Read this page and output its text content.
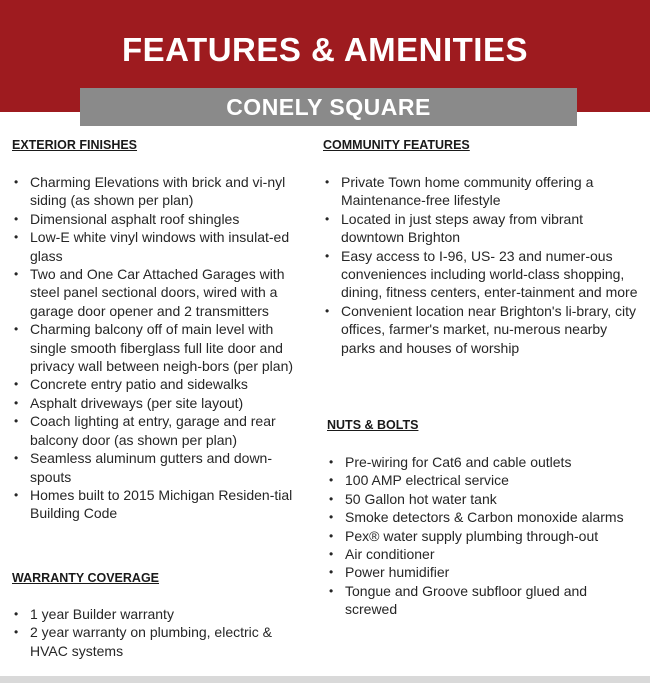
FEATURES & AMENITIES
CONELY SQUARE
EXTERIOR FINISHES
• Charming Elevations with brick and vi-nyl siding (as shown per plan)
• Dimensional asphalt roof shingles
• Low-E white vinyl windows with insulat-ed glass
• Two and One Car Attached Garages with steel panel sectional doors, wired with a garage door opener and 2 transmitters
• Charming balcony off of main level with single smooth fiberglass full lite door and privacy wall between neigh-bors (per plan)
• Concrete entry patio and sidewalks
• Asphalt driveways (per site layout)
• Coach lighting at entry, garage and rear balcony door (as shown per plan)
• Seamless aluminum gutters and down-spouts
• Homes built to 2015 Michigan Residen-tial Building Code
WARRANTY COVERAGE
• 1 year Builder warranty
• 2 year warranty on plumbing, electric & HVAC systems
COMMUNITY FEATURES
• Private Town home community offering a Maintenance-free lifestyle
• Located in just steps away from vibrant downtown Brighton
• Easy access to I-96, US- 23 and numer-ous conveniences including world-class shopping, dining, fitness centers, enter-tainment and more
• Convenient location near Brighton's li-brary, city offices, farmer's market, nu-merous nearby parks and houses of worship
NUTS & BOLTS
• Pre-wiring for Cat6 and cable outlets
• 100 AMP electrical service
• 50 Gallon hot water tank
• Smoke detectors & Carbon monoxide alarms
• Pex® water supply plumbing through-out
• Air conditioner
• Power humidifier
• Tongue and Groove subfloor glued and screwed
